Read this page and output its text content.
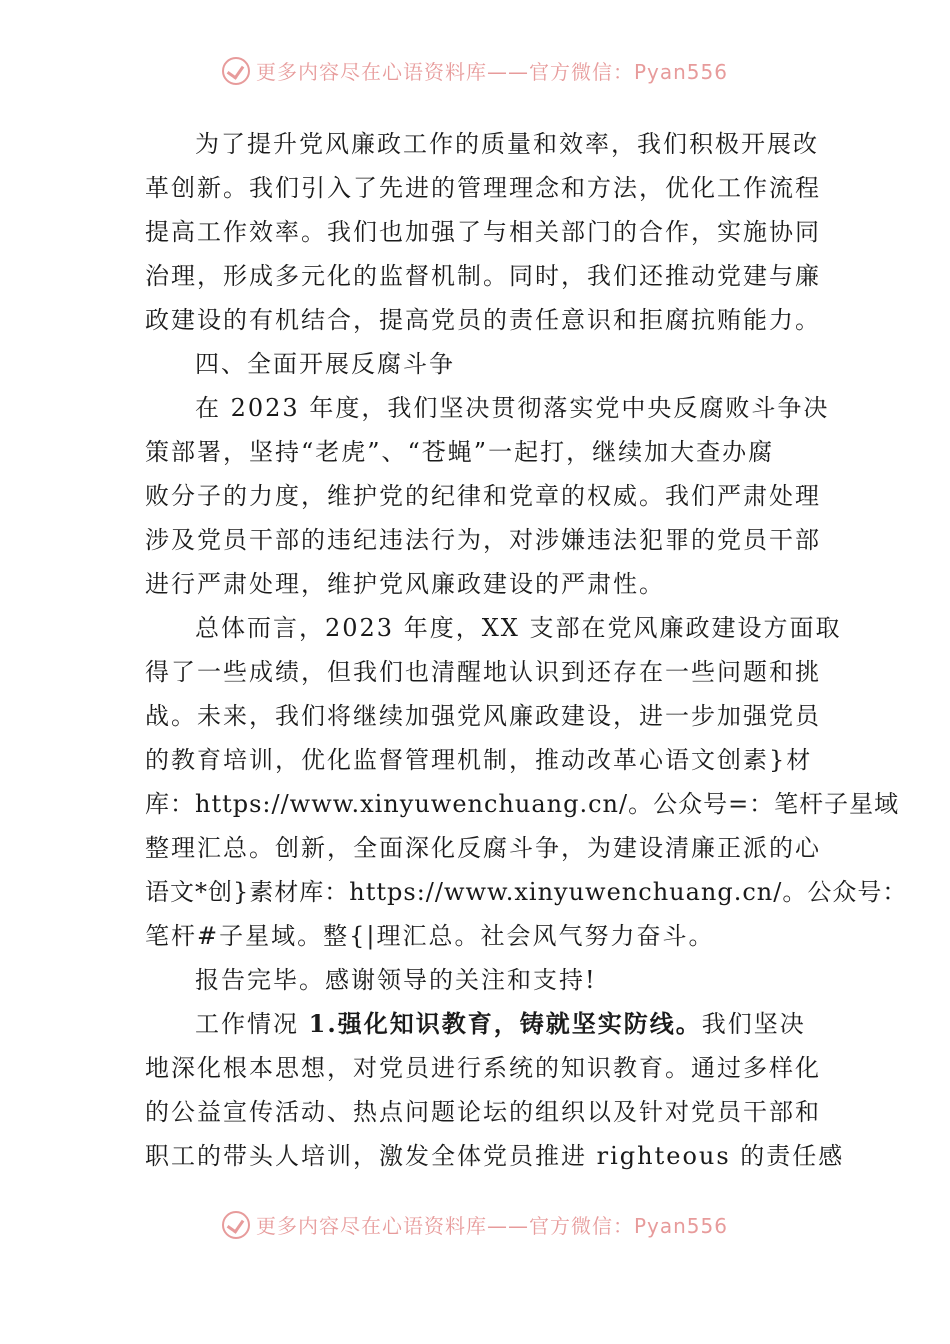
更多内容尽在心语资料库——官方微信：Pyan556
为了提升党风廉政工作的质量和效率，我们积极开展改
革创新。我们引入了先进的管理理念和方法，优化工作流程
提高工作效率。我们也加强了与相关部门的合作，实施协同
治理，形成多元化的监督机制。同时，我们还推动党建与廉
政建设的有机结合，提高党员的责任意识和拒腐抗贿能力。
四、全面开展反腐斗争
在 2023 年度，我们坚决贯彻落实党中央反腐败斗争决
策部署，坚持“老虎”、“苍蝇”一起打，继续加大查办腐
败分子的力度，维护党的纪律和党章的权威。我们严肃处理
涉及党员干部的违纪违法行为，对涉嫌违法犯罪的党员干部
进行严肃处理，维护党风廉政建设的严肃性。
总体而言，2023 年度，XX 支部在党风廉政建设方面取
得了一些成绩，但我们也清醒地认识到还存在一些问题和挑
战。未来，我们将继续加强党风廉政建设，进一步加强党员
的教育培训，优化监督管理机制，推动改革心语文创素}材
库：https://www.xinyuwenchuang.cn/。公众号=：笔杆子星域
整理汇总。创新，全面深化反腐斗争，为建设清廉正派的心
语文*创}素材库：https://www.xinyuwenchuang.cn/。公众号：
笔杆#子星域。整{|理汇总。社会风气努力奋斗。
报告完毕。感谢领导的关注和支持!
工作情况 1.强化知识教育，铸就坚实防线。我们坚决
地深化根本思想，对党员进行系统的知识教育。通过多样化
的公益宣传活动、热点问题论坛的组织以及针对党员干部和
职工的带头人培训，激发全体党员推进 righteous 的责任感
更多内容尽在心语资料库——官方微信：Pyan556
